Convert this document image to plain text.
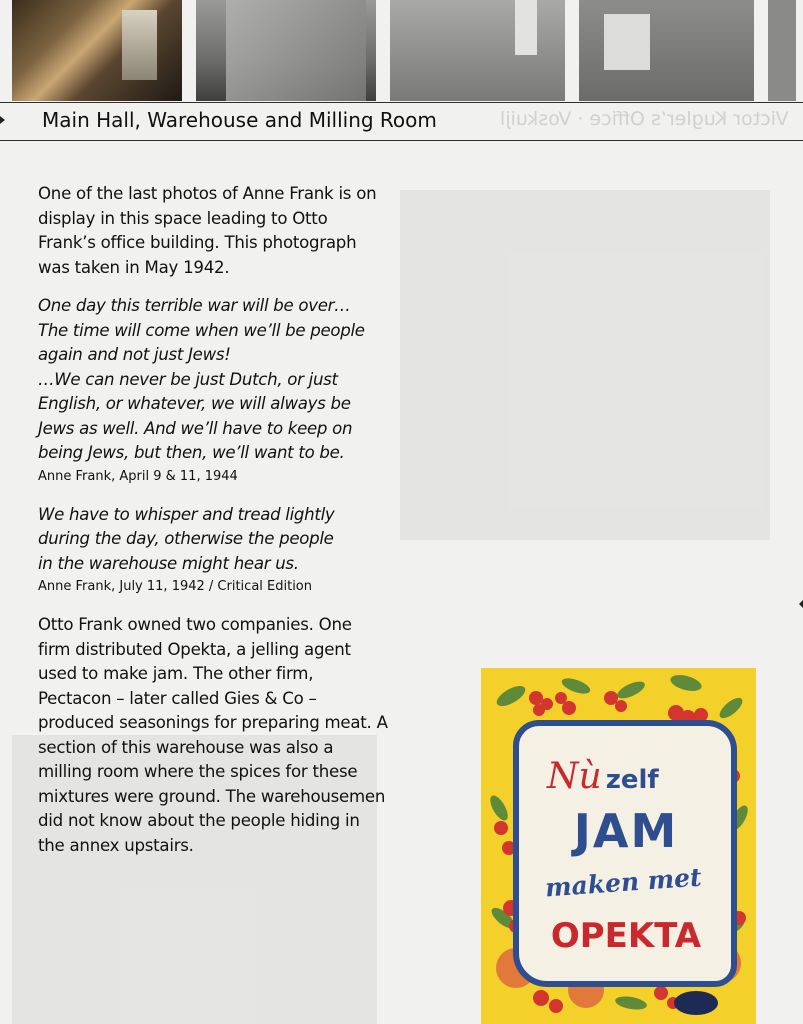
Victor Kugler’s Office · Voskuijl
Main Hall, Warehouse and Milling Room

One of the last photos of Anne Frank is on display in this space leading to Otto Frank’s office building. This photograph was taken in May 1942.

One day this terrible war will be over…
The time will come when we’ll be people
again and not just Jews!
…We can never be just Dutch, or just
English, or whatever, we will always be
Jews as well. And we’ll have to keep on
being Jews, but then, we’ll want to be.

Anne Frank, April 9 & 11, 1944

We have to whisper and tread lightly
during the day, otherwise the people
in the warehouse might hear us.

Anne Frank, July 11, 1942 / Critical Edition

Otto Frank owned two companies. One firm distributed Opekta, a jelling agent used to make jam. The other firm, Pectacon – later called Gies & Co – produced seasonings for preparing meat. A section of this warehouse was also a milling room where the spices for these mixtures were ground. The warehousemen did not know about the people hiding in the annex upstairs.

Nù zelf
JAM
maken met
OPEKTA
